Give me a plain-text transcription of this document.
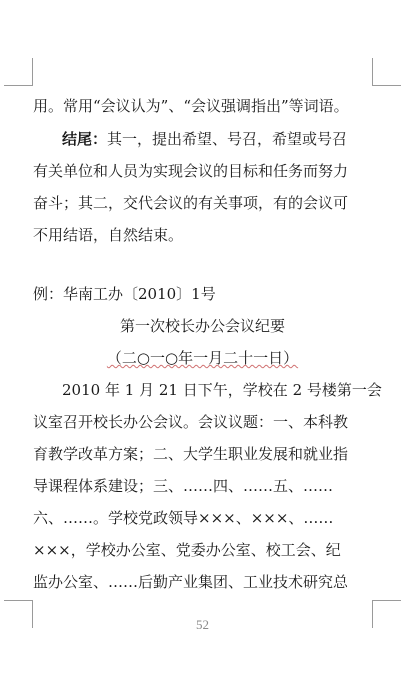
用。常用“会议认为”、“会议强调指出”等词语。
结尾：其一，提出希望、号召，希望或号召
有关单位和人员为实现会议的目标和任务而努力
奋斗；其二，交代会议的有关事项，有的会议可
不用结语，自然结束。
例：华南工办〔2010〕1号
第一次校长办公会议纪要
（二○一○年一月二十一日）
2010 年 1 月 21 日下午，学校在 2 号楼第一会
议室召开校长办公会议。会议议题：一、本科教
育教学改革方案；二、大学生职业发展和就业指
导课程体系建设；三、……四、……五、……
六、……。学校党政领导×××、×××、……
×××，学校办公室、党委办公室、校工会、纪
监办公室、……后勤产业集团、工业技术研究总
52
